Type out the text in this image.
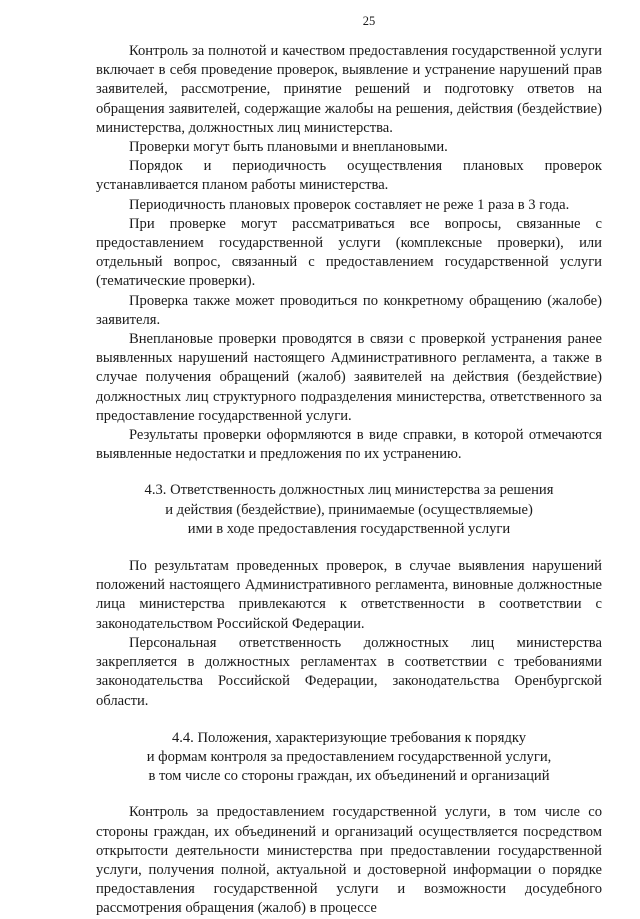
25

Контроль за полнотой и качеством предоставления государственной услуги включает в себя проведение проверок, выявление и устранение нарушений прав заявителей, рассмотрение, принятие решений и подготовку ответов на обращения заявителей, содержащие жалобы на решения, действия (бездействие) министерства, должностных лиц министерства.

Проверки могут быть плановыми и внеплановыми.

Порядок и периодичность осуществления плановых проверок устанавливается планом работы министерства.

Периодичность плановых проверок составляет не реже 1 раза в 3 года.

При проверке могут рассматриваться все вопросы, связанные с предоставлением государственной услуги (комплексные проверки), или отдельный вопрос, связанный с предоставлением государственной услуги (тематические проверки).

Проверка также может проводиться по конкретному обращению (жалобе) заявителя.

Внеплановые проверки проводятся в связи с проверкой устранения ранее выявленных нарушений настоящего Административного регламента, а также в случае получения обращений (жалоб) заявителей на действия (бездействие) должностных лиц структурного подразделения министерства, ответственного за предоставление государственной услуги.

Результаты проверки оформляются в виде справки, в которой отмечаются выявленные недостатки и предложения по их устранению.

4.3. Ответственность должностных лиц министерства за решения
и действия (бездействие), принимаемые (осуществляемые)
ими в ходе предоставления государственной услуги

По результатам проведенных проверок, в случае выявления нарушений положений настоящего Административного регламента, виновные должностные лица министерства привлекаются к ответственности в соответствии с законодательством Российской Федерации.

Персональная ответственность должностных лиц министерства закрепляется в должностных регламентах в соответствии с требованиями законодательства Российской Федерации, законодательства Оренбургской области.

4.4. Положения, характеризующие требования к порядку
и формам контроля за предоставлением государственной услуги,
в том числе со стороны граждан, их объединений и организаций

Контроль за предоставлением государственной услуги, в том числе со стороны граждан, их объединений и организаций осуществляется посредством открытости деятельности министерства при предоставлении государственной услуги, получения полной, актуальной и достоверной информации о порядке предоставления государственной услуги и возможности досудебного рассмотрения обращения (жалоб) в процессе
